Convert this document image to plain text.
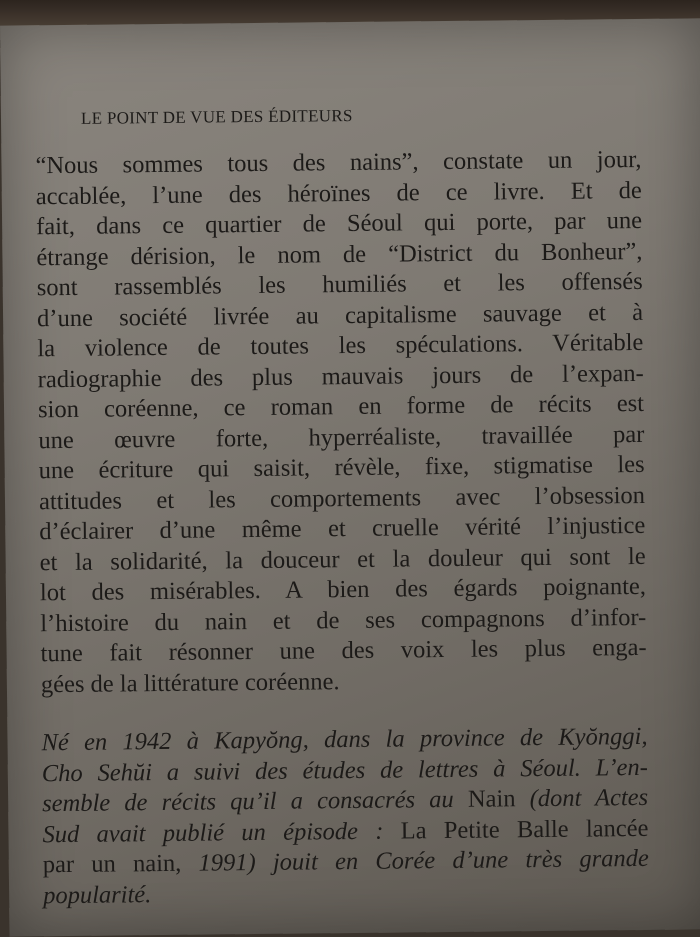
LE POINT DE VUE DES ÉDITEURS
“Nous sommes tous des nains”, constate un jour,
accablée, l’une des héroïnes de ce livre. Et de
fait, dans ce quartier de Séoul qui porte, par une
étrange dérision, le nom de “District du Bonheur”,
sont rassemblés les humiliés et les offensés
d’une société livrée au capitalisme sauvage et à
la violence de toutes les spéculations. Véritable
radiographie des plus mauvais jours de l’expan-
sion coréenne, ce roman en forme de récits est
une œuvre forte, hyperréaliste, travaillée par
une écriture qui saisit, révèle, fixe, stigmatise les
attitudes et les comportements avec l’obsession
d’éclairer d’une même et cruelle vérité l’injustice
et la solidarité, la douceur et la douleur qui sont le
lot des misérables. A bien des égards poignante,
l’histoire du nain et de ses compagnons d’infor-
tune fait résonner une des voix les plus enga-
gées de la littérature coréenne.
Né en 1942 à Kapyŏng, dans la province de Kyŏnggi,
Cho Sehŭi a suivi des études de lettres à Séoul. L’en-
semble de récits qu’il a consacrés au Nain (dont Actes
Sud avait publié un épisode : La Petite Balle lancée
par un nain, 1991) jouit en Corée d’une très grande
popularité.
